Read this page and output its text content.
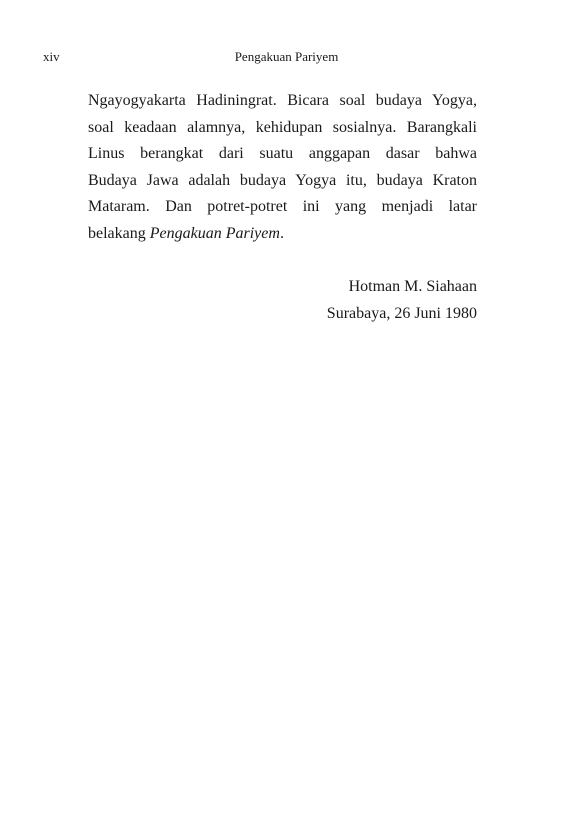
xiv	Pengakuan Pariyem
Ngayogyakarta Hadiningrat. Bicara soal budaya Yogya,
soal keadaan alamnya, kehidupan sosialnya. Barangkali
Linus berangkat dari suatu anggapan dasar bahwa
Budaya Jawa adalah budaya Yogya itu, budaya Kraton
Mataram. Dan potret-potret ini yang menjadi latar
belakang Pengakuan Pariyem.
Hotman M. Siahaan
Surabaya, 26 Juni 1980
